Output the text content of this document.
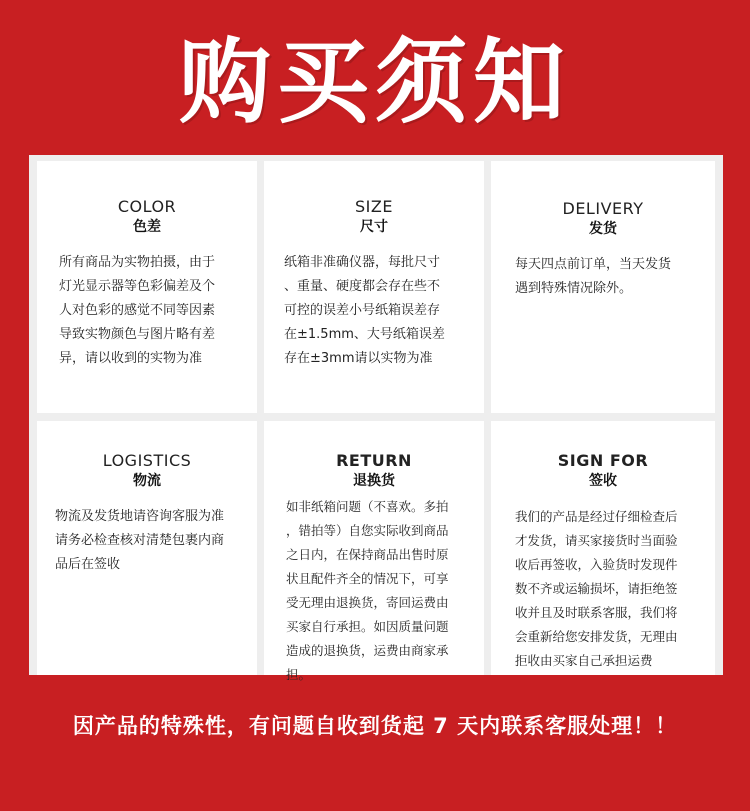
购买须知
COLOR
色差
所有商品为实物拍摄，由于
灯光显示器等色彩偏差及个
人对色彩的感觉不同等因素
导致实物颜色与图片略有差
异，请以收到的实物为准
SIZE
尺寸
纸箱非准确仪器，每批尺寸
、重量、硬度都会存在些不
可控的误差小号纸箱误差存
在±1.5mm、大号纸箱误差
存在±3mm请以实物为准
DELIVERY
发货
每天四点前订单，当天发货
遇到特殊情况除外。
LOGISTICS
物流
物流及发货地请咨询客服为准
请务必检查核对清楚包裹内商
品后在签收
RETURN
退换货
如非纸箱问题（不喜欢。多拍
，错拍等）自您实际收到商品
之日内，在保持商品出售时原
状且配件齐全的情况下，可享
受无理由退换货，寄回运费由
买家自行承担。如因质量问题
造成的退换货，运费由商家承
担。
SIGN FOR
签收
我们的产品是经过仔细检查后
才发货，请买家接货时当面验
收后再签收，入验货时发现件
数不齐或运输损坏，请拒绝签
收并且及时联系客服，我们将
会重新给您安排发货，无理由
拒收由买家自己承担运费
因产品的特殊性，有问题自收到货起 7 天内联系客服处理！！
